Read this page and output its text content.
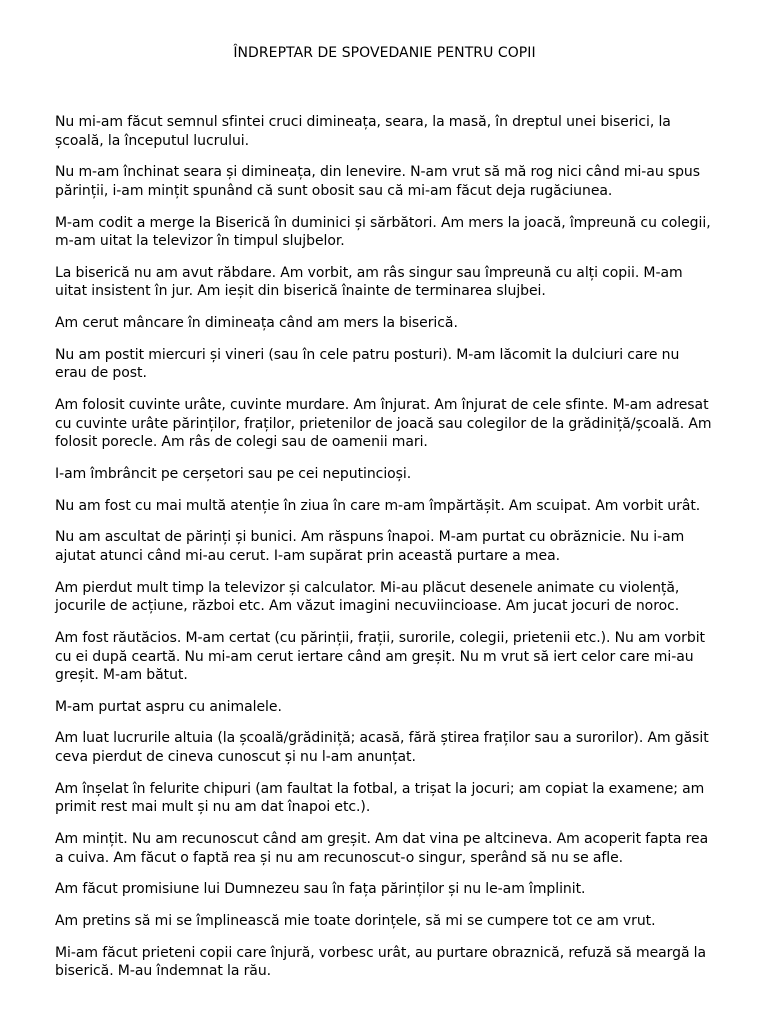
ÎNDREPTAR DE SPOVEDANIE PENTRU COPII

Nu mi-am făcut semnul sfintei cruci dimineața, seara, la masă, în dreptul unei biserici, la școală, la începutul lucrului.

Nu m-am închinat seara și dimineața, din lenevire. N-am vrut să mă rog nici când mi-au spus părinții, i-am mințit spunând că sunt obosit sau că mi-am făcut deja rugăciunea.

M-am codit a merge la Biserică în duminici și sărbători. Am mers la joacă, împreună cu colegii, m-am uitat la televizor în timpul slujbelor.

La biserică nu am avut răbdare. Am vorbit, am râs singur sau împreună cu alți copii. M-am uitat insistent în jur. Am ieșit din biserică înainte de terminarea slujbei.

Am cerut mâncare în dimineața când am mers la biserică.

Nu am postit miercuri și vineri (sau în cele patru posturi). M-am lăcomit la dulciuri care nu erau de post.

Am folosit cuvinte urâte, cuvinte murdare. Am înjurat. Am înjurat de cele sfinte. M-am adresat cu cuvinte urâte părinților, fraților, prietenilor de joacă sau colegilor de la grădiniță/școală. Am folosit porecle. Am râs de colegi sau de oamenii mari.

I-am îmbrâncit pe cerșetori sau pe cei neputincioși.

Nu am fost cu mai multă atenție în ziua în care m-am împărtășit. Am scuipat. Am vorbit urât.

Nu am ascultat de părinți și bunici. Am răspuns înapoi. M-am purtat cu obrăznicie. Nu i-am ajutat atunci când mi-au cerut. I-am supărat prin această purtare a mea.

Am pierdut mult timp la televizor și calculator. Mi-au plăcut desenele animate cu violență, jocurile de acțiune, război etc. Am văzut imagini necuviincioase. Am jucat jocuri de noroc.

Am fost răutăcios. M-am certat (cu părinții, frații, surorile, colegii, prietenii etc.). Nu am vorbit cu ei după ceartă. Nu mi-am cerut iertare când am greșit. Nu m vrut să iert celor care mi-au greșit. M-am bătut.

M-am purtat aspru cu animalele.

Am luat lucrurile altuia (la școală/grădiniță; acasă, fără știrea fraților sau a surorilor). Am găsit ceva pierdut de cineva cunoscut și nu l-am anunțat.

Am înșelat în felurite chipuri (am faultat la fotbal, a trișat la jocuri; am copiat la examene; am primit rest mai mult și nu am dat înapoi etc.).

Am mințit. Nu am recunoscut când am greșit. Am dat vina pe altcineva. Am acoperit fapta rea a cuiva. Am făcut o faptă rea și nu am recunoscut-o singur, sperând să nu se afle.

Am făcut promisiune lui Dumnezeu sau în fața părinților și nu le-am împlinit.

Am pretins să mi se împlinească mie toate dorințele, să mi se cumpere tot ce am vrut.

Mi-am făcut prieteni copii care înjură, vorbesc urât, au purtare obraznică, refuză să meargă la biserică. M-au îndemnat la rău.
